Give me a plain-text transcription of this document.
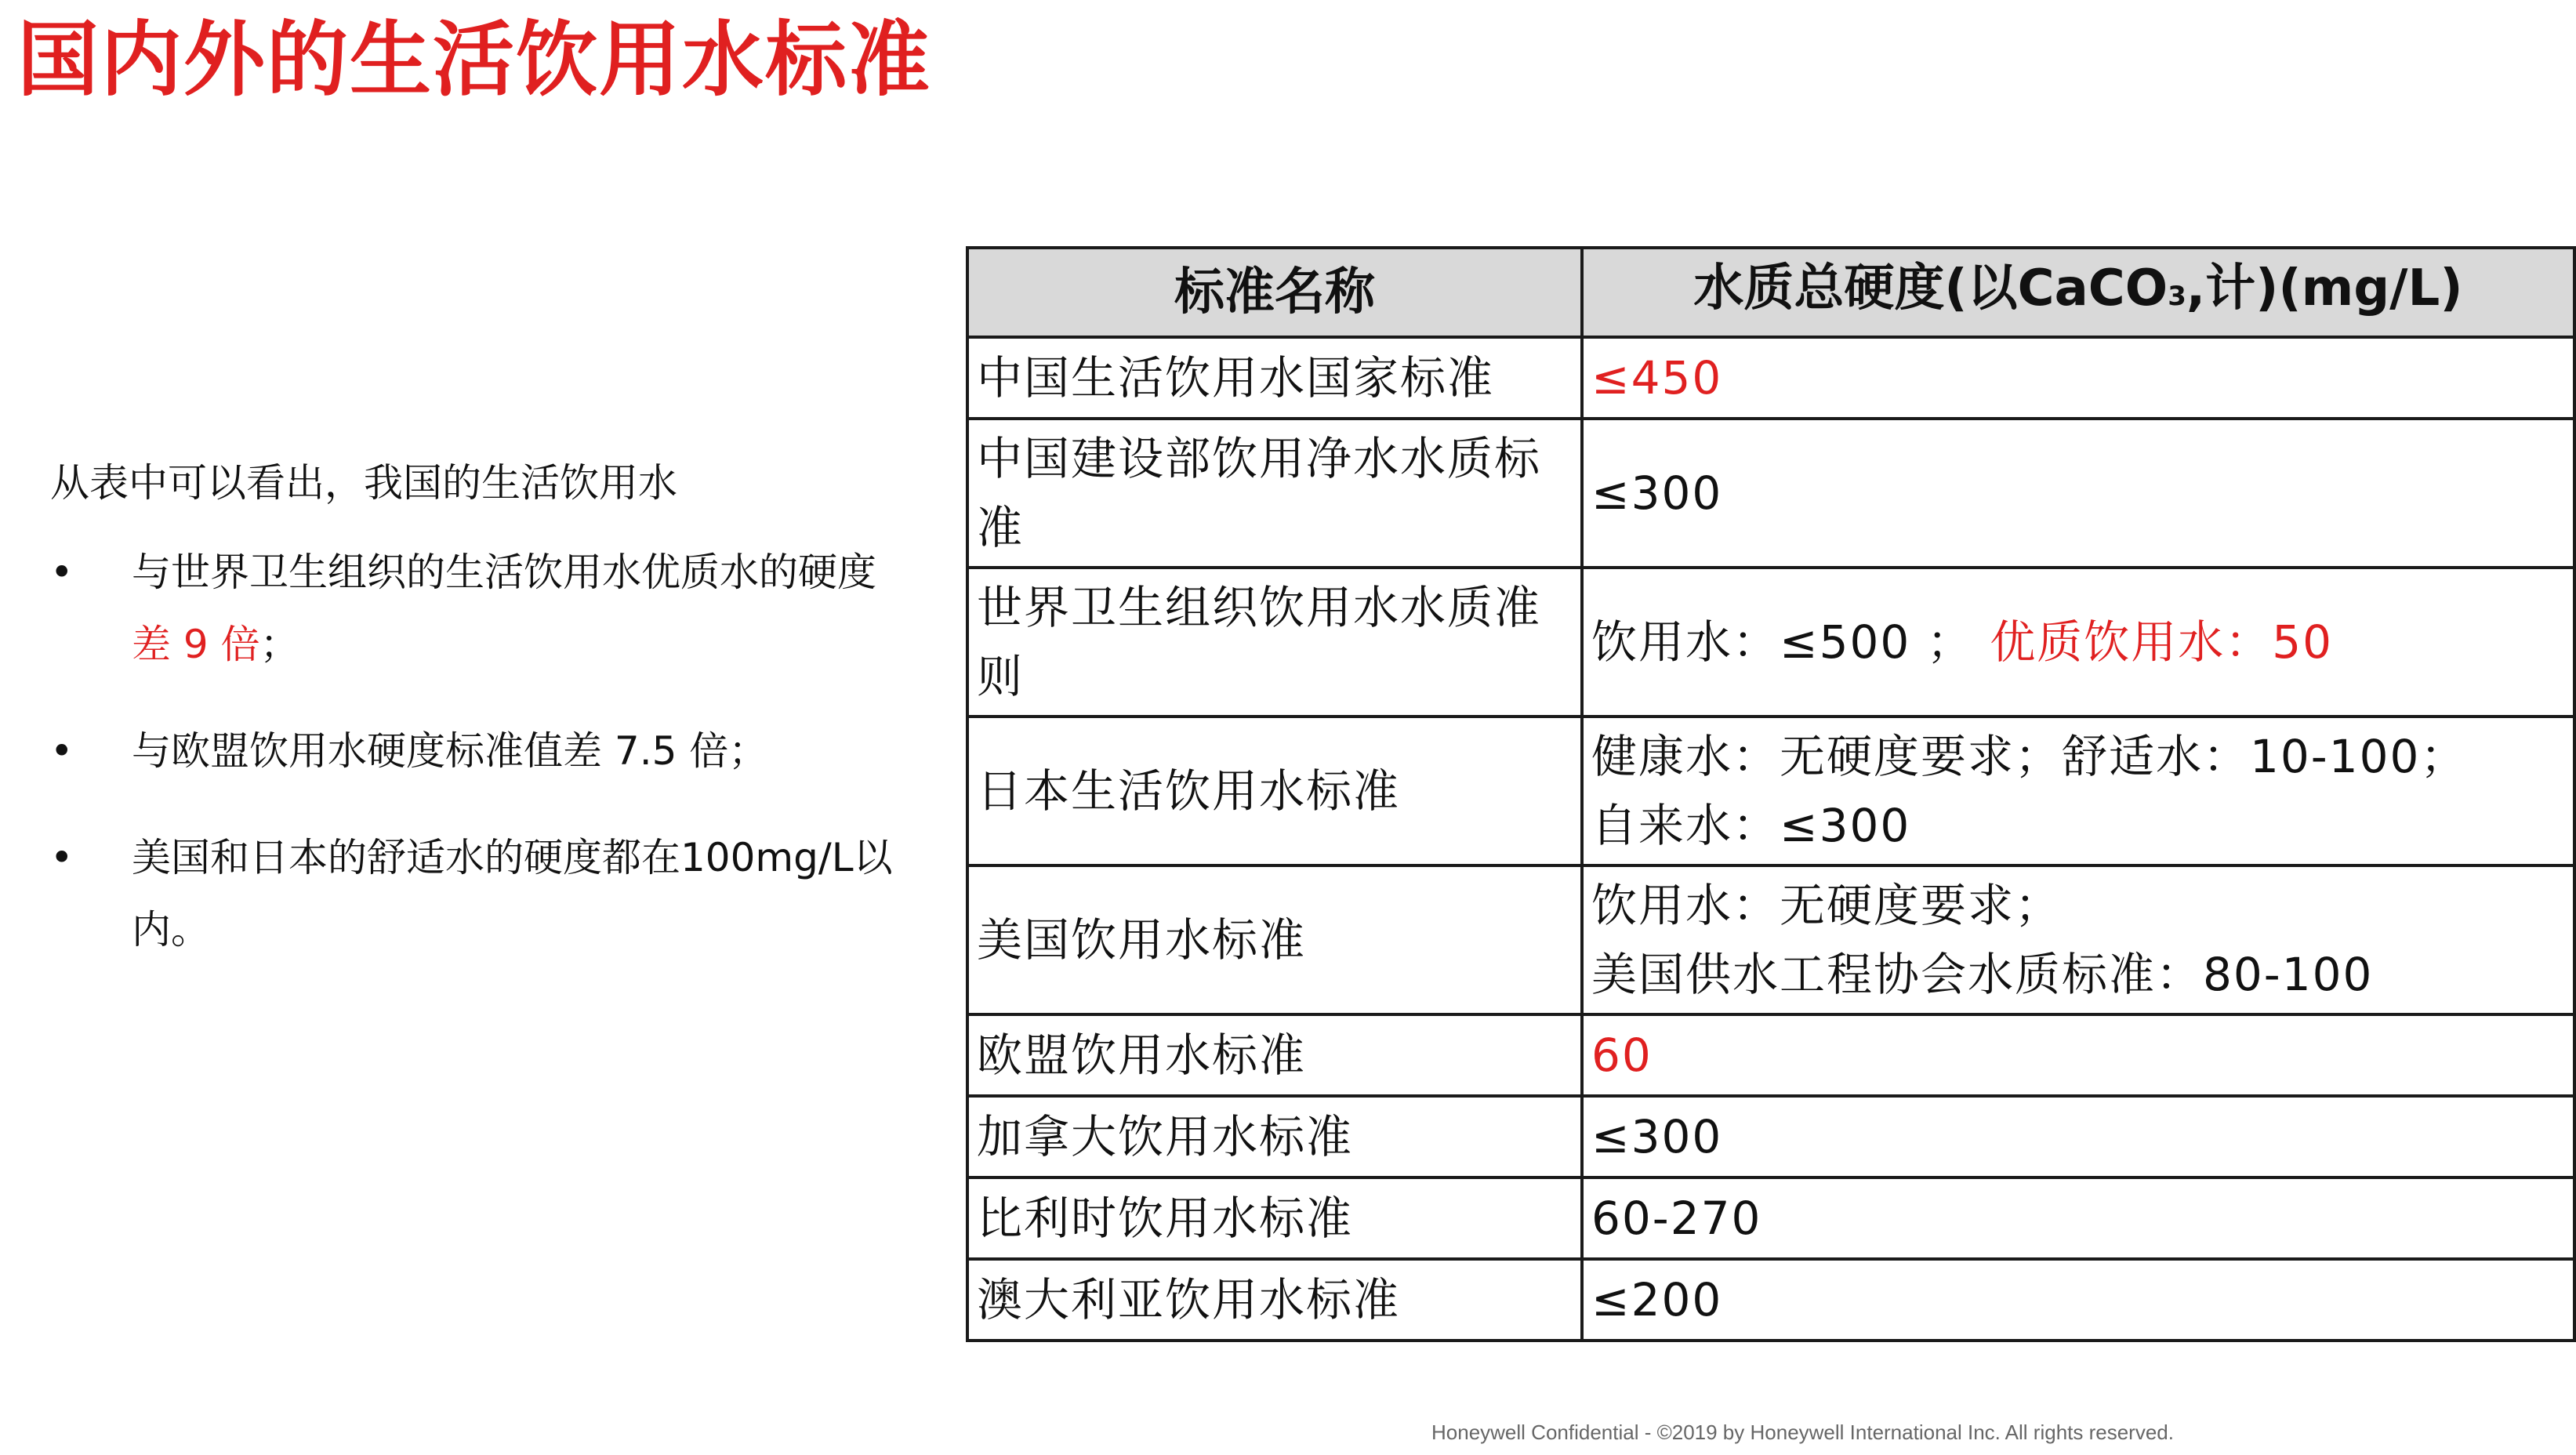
国内外的生活饮用水标准
从表中可以看出，我国的生活饮用水
•	与世界卫生组织的生活饮用水优质水的硬度差 9 倍；
•	与欧盟饮用水硬度标准值差 7.5 倍；
•	美国和日本的舒适水的硬度都在100mg/L以内。
标准名称	水质总硬度(以CaCO3,计)(mg/L)
中国生活饮用水国家标准	≤450
中国建设部饮用净水水质标准	≤300
世界卫生组织饮用水水质准则	饮用水：≤500 ； 优质饮用水：50
日本生活饮用水标准	健康水：无硬度要求；舒适水：10-100；
自来水：≤300

美国饮用水标准	饮用水：无硬度要求；
美国供水工程协会水质标准：80-100

欧盟饮用水标准	60
加拿大饮用水标准	≤300
比利时饮用水标准	60-270
澳大利亚饮用水标准	≤200
Honeywell Confidential - ©2019 by Honeywell International Inc. All rights reserved.
